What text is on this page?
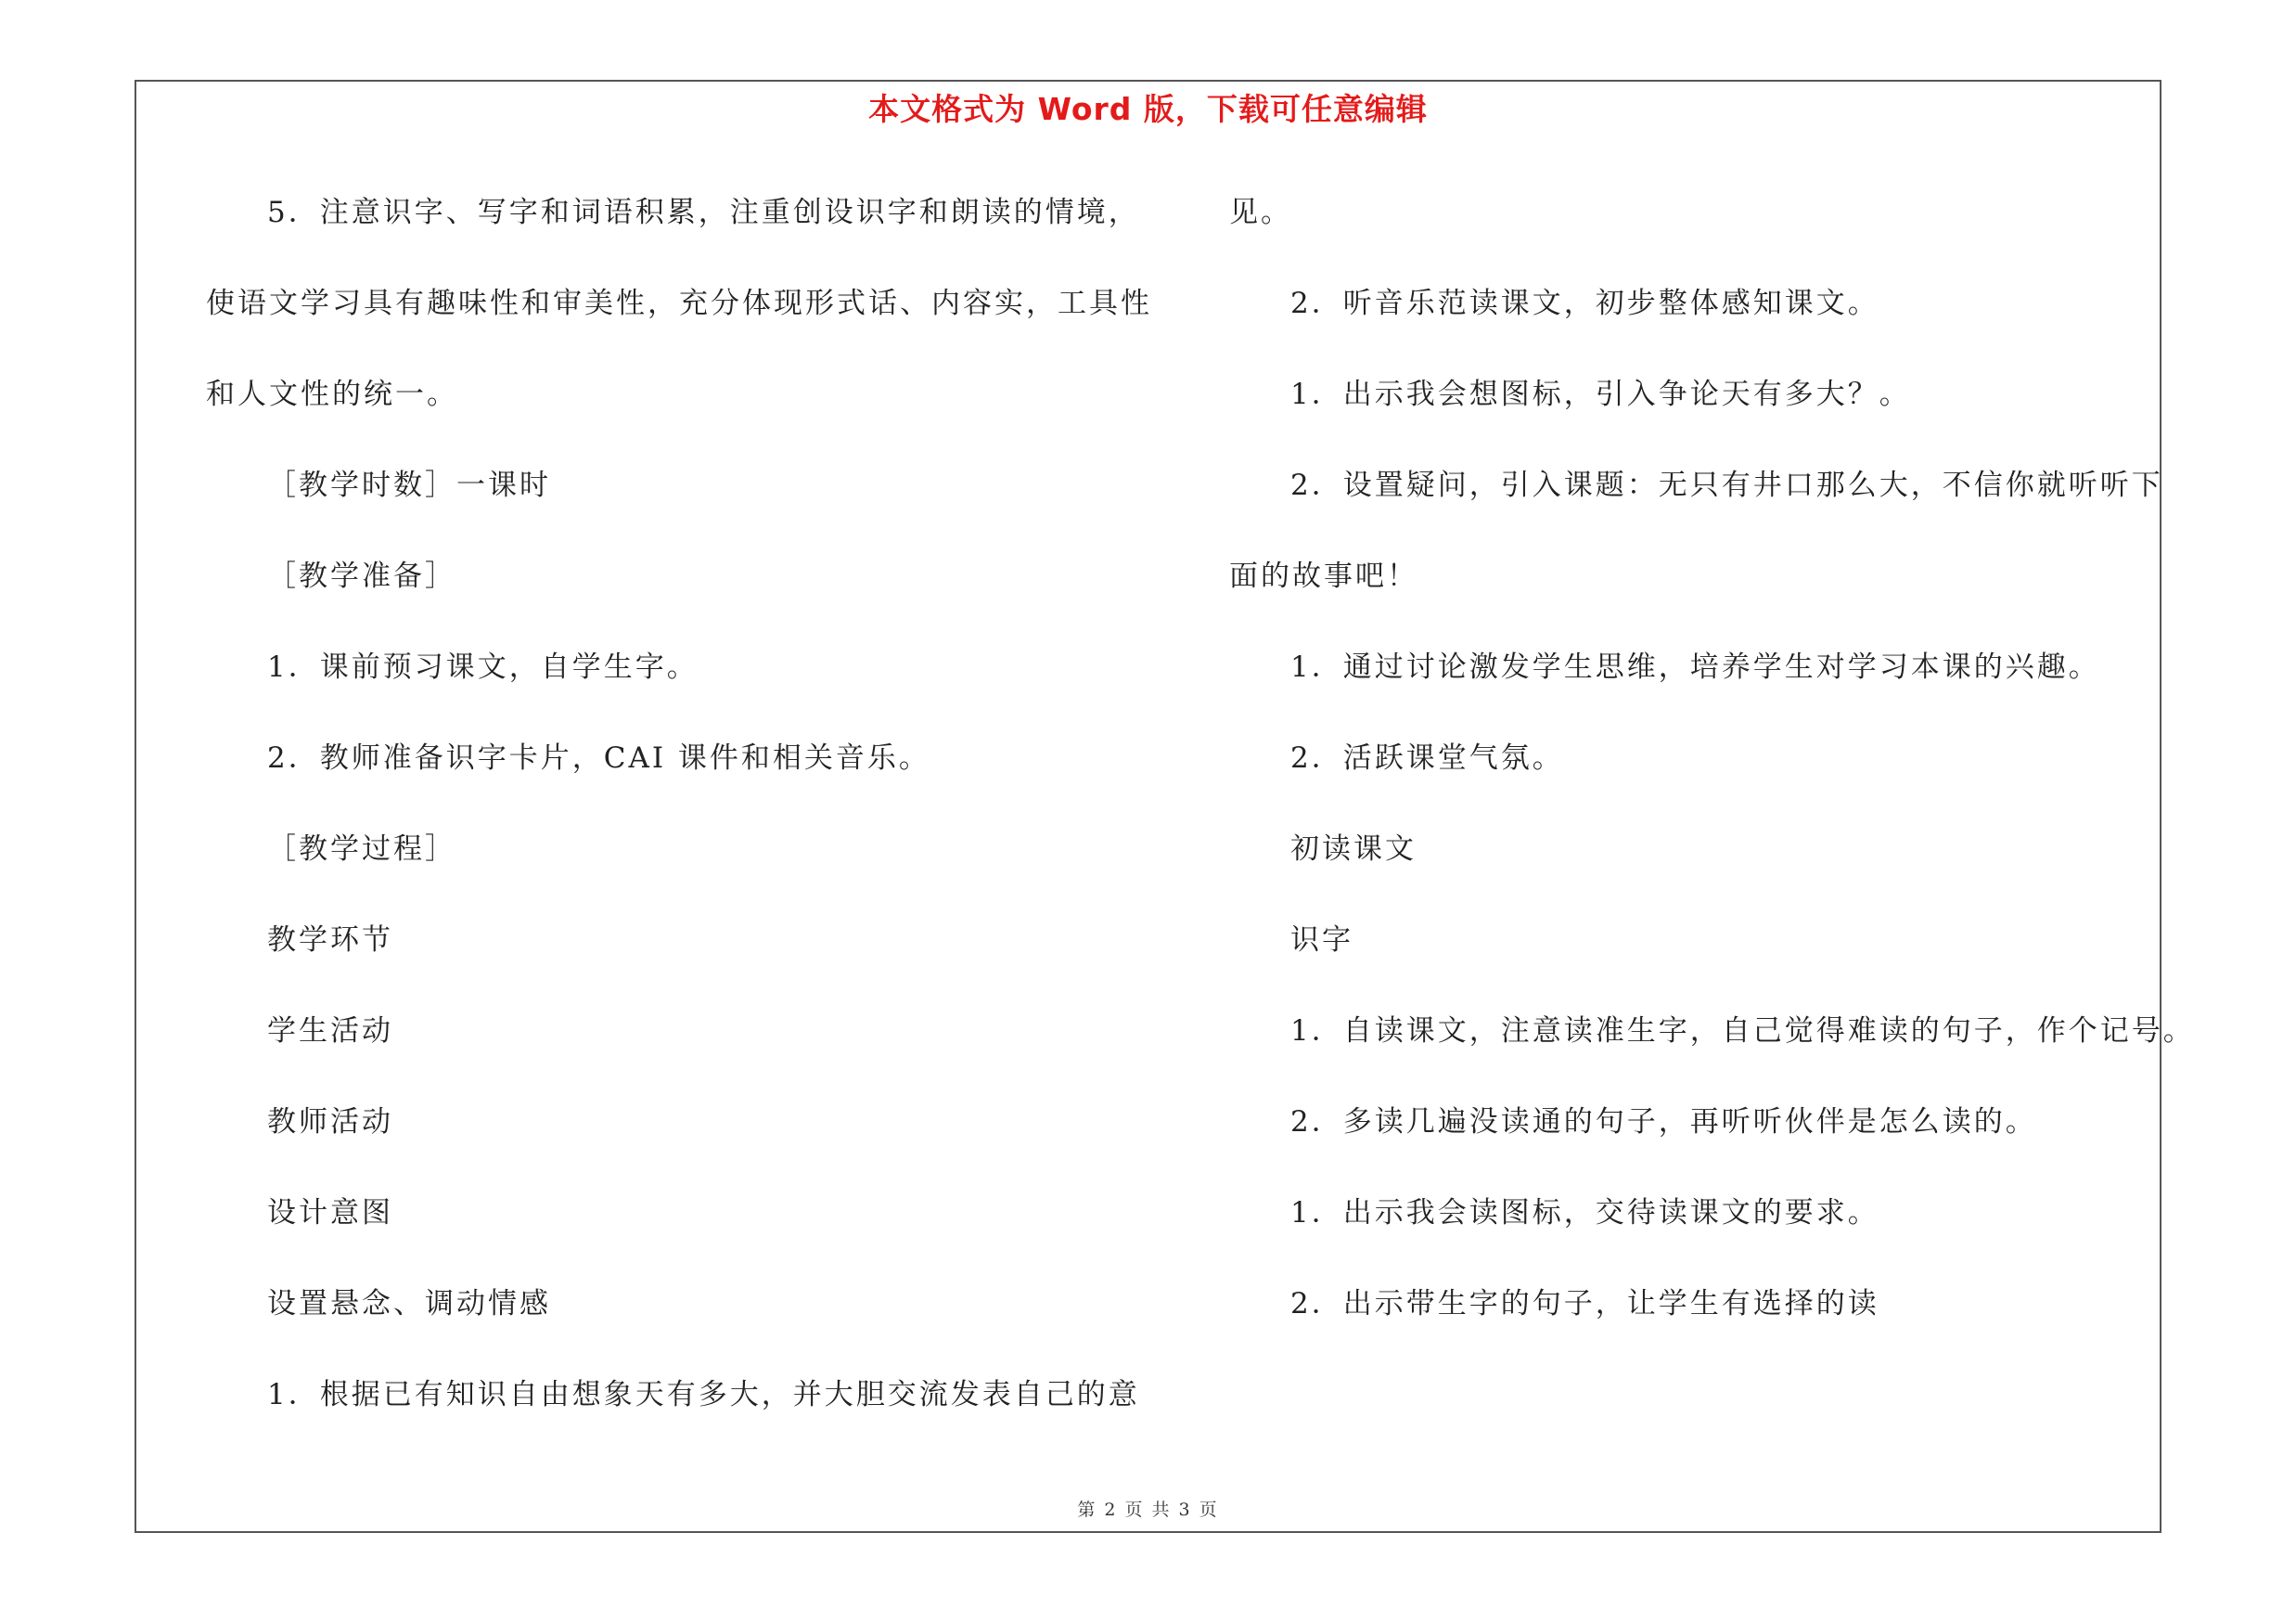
本文格式为 Word 版，下载可任意编辑
5．注意识字、写字和词语积累，注重创设识字和朗读的情境，
使语文学习具有趣味性和审美性，充分体现形式话、内容实，工具性
和人文性的统一。
［教学时数］一课时
［教学准备］
1．课前预习课文，自学生字。
2．教师准备识字卡片，CAI 课件和相关音乐。
［教学过程］
教学环节
学生活动
教师活动
设计意图
设置悬念、调动情感
1．根据已有知识自由想象天有多大，并大胆交流发表自己的意
见。
2．听音乐范读课文，初步整体感知课文。
1．出示我会想图标，引入争论天有多大？。
2．设置疑问，引入课题：无只有井口那么大，不信你就听听下
面的故事吧！
1．通过讨论激发学生思维，培养学生对学习本课的兴趣。
2．活跃课堂气氛。
初读课文
识字
1．自读课文，注意读准生字，自己觉得难读的句子，作个记号。
2．多读几遍没读通的句子，再听听伙伴是怎么读的。
1．出示我会读图标，交待读课文的要求。
2．出示带生字的句子，让学生有选择的读
第 2 页 共 3 页
